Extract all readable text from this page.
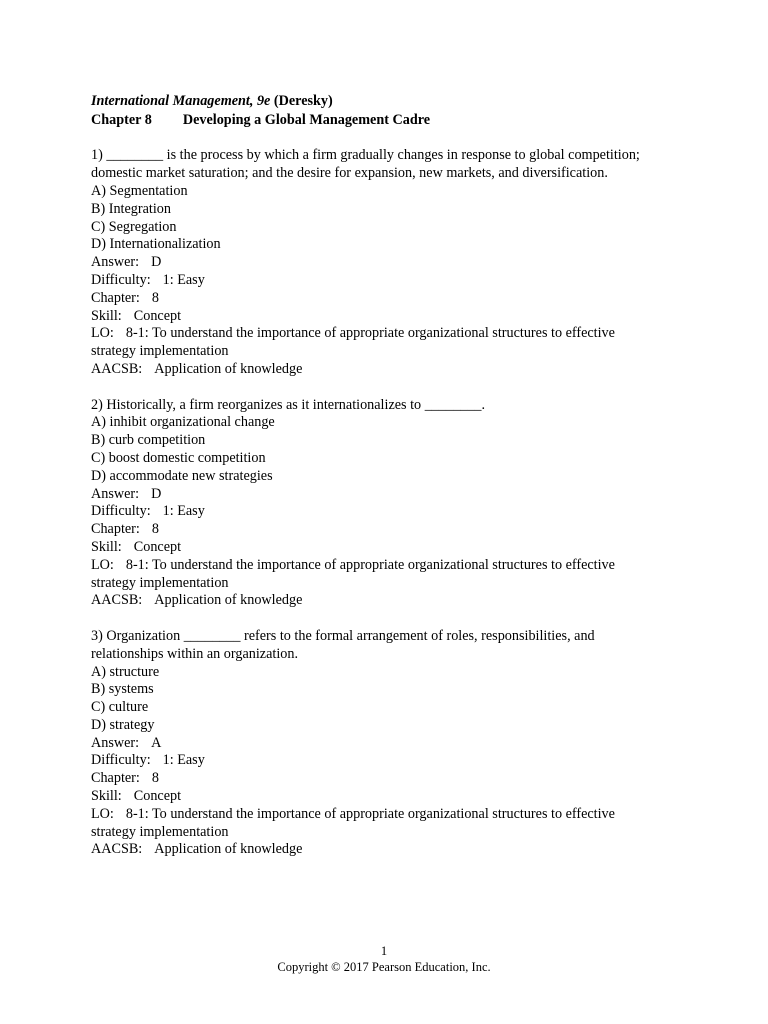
International Management, 9e (Deresky)
Chapter 8 Developing a Global Management Cadre
1) ________ is the process by which a firm gradually changes in response to global competition;
domestic market saturation; and the desire for expansion, new markets, and diversification.
A) Segmentation
B) Integration
C) Segregation
D) Internationalization
Answer: D
Difficulty: 1: Easy
Chapter: 8
Skill: Concept
LO: 8-1: To understand the importance of appropriate organizational structures to effective
strategy implementation
AACSB: Application of knowledge
2) Historically, a firm reorganizes as it internationalizes to ________.
A) inhibit organizational change
B) curb competition
C) boost domestic competition
D) accommodate new strategies
Answer: D
Difficulty: 1: Easy
Chapter: 8
Skill: Concept
LO: 8-1: To understand the importance of appropriate organizational structures to effective
strategy implementation
AACSB: Application of knowledge
3) Organization ________ refers to the formal arrangement of roles, responsibilities, and
relationships within an organization.
A) structure
B) systems
C) culture
D) strategy
Answer: A
Difficulty: 1: Easy
Chapter: 8
Skill: Concept
LO: 8-1: To understand the importance of appropriate organizational structures to effective
strategy implementation
AACSB: Application of knowledge
1
Copyright © 2017 Pearson Education, Inc.
